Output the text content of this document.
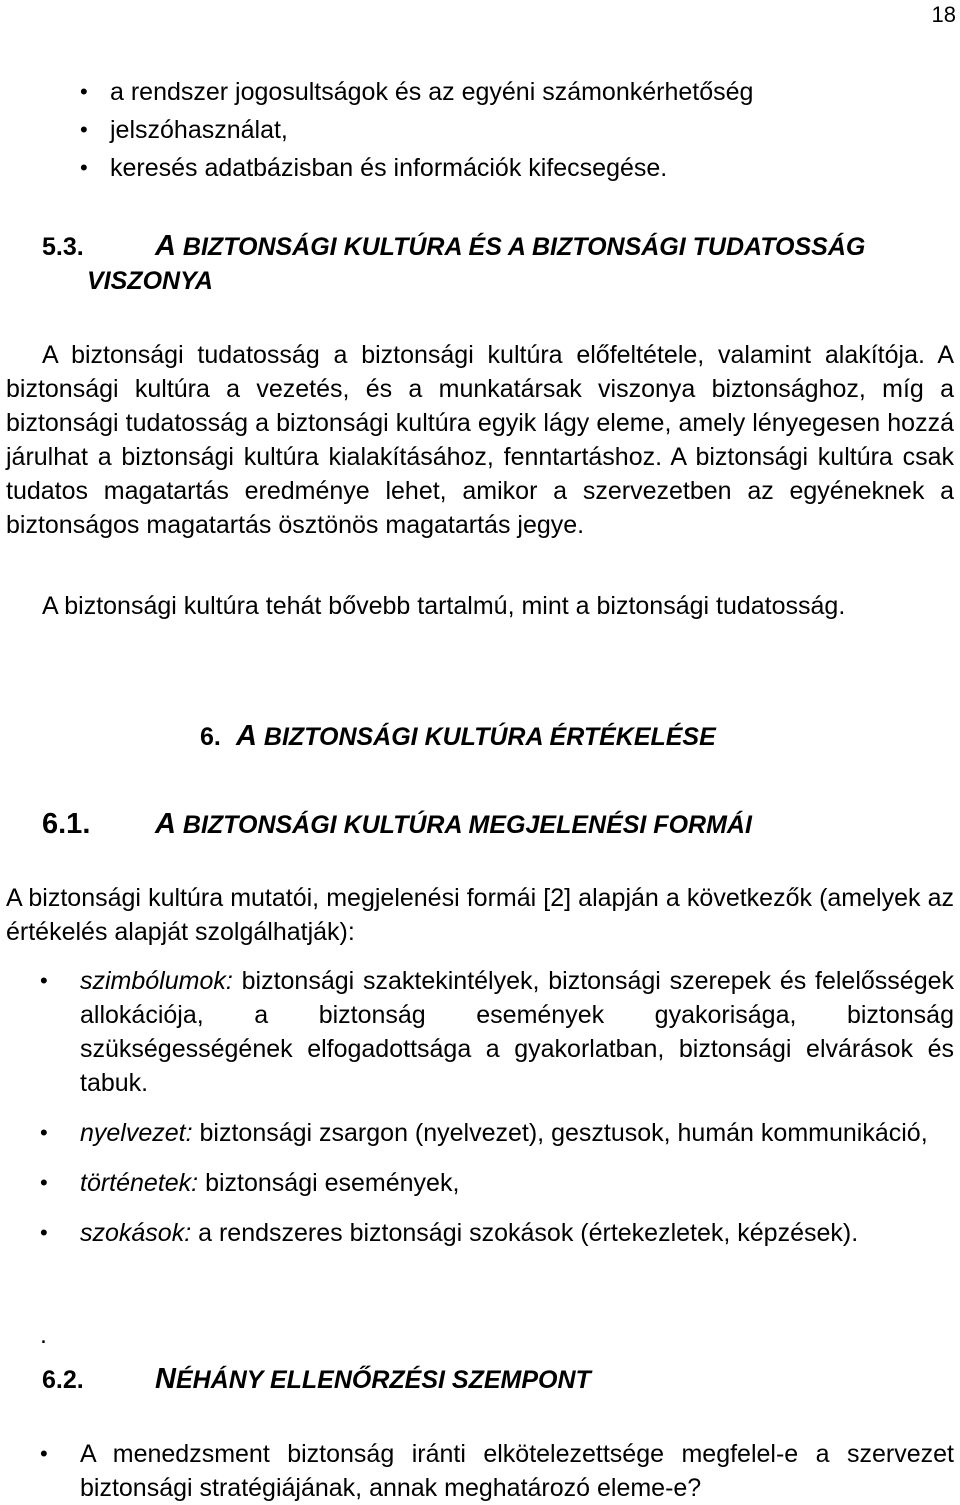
18
• a rendszer jogosultságok és az egyéni számonkérhetőség
• jelszóhasználat,
• keresés adatbázisban és információk kifecsegése.
5.3. A BIZTONSÁGI KULTÚRA ÉS A BIZTONSÁGI TUDATOSSÁG
VISZONYA

A biztonsági tudatosság a biztonsági kultúra előfeltétele, valamint alakítója. A biztonsági kultúra a vezetés, és a munkatársak viszonya biztonsághoz, míg a biztonsági tudatosság a biztonsági kultúra egyik lágy eleme, amely lényegesen hozzá járulhat a biztonsági kultúra kialakításához, fenntartáshoz. A biztonsági kultúra csak tudatos magatartás eredménye lehet, amikor a szervezetben az egyéneknek a biztonságos magatartás ösztönös magatartás jegye.

A biztonsági kultúra tehát bővebb tartalmú, mint a biztonsági tudatosság.

6. A BIZTONSÁGI KULTÚRA ÉRTÉKELÉSE
6.1. A BIZTONSÁGI KULTÚRA MEGJELENÉSI FORMÁI

A biztonsági kultúra mutatói, megjelenési formái [2] alapján a következők (amelyek az értékelés alapját szolgálhatják):

• szimbólumok: biztonsági szaktekintélyek, biztonsági szerepek és felelősségek allokációja, a biztonság események gyakorisága, biztonság szükségességének elfogadottsága a gyakorlatban, biztonsági elvárások és tabuk.
• nyelvezet: biztonsági zsargon (nyelvezet), gesztusok, humán kommunikáció,
• történetek: biztonsági események,
• szokások: a rendszeres biztonsági szokások (értekezletek, képzések).
.
6.2. NÉHÁNY ELLENŐRZÉSI SZEMPONT
• A menedzsment biztonság iránti elkötelezettsége megfelel-e a szervezet biztonsági stratégiájának, annak meghatározó eleme-e?
